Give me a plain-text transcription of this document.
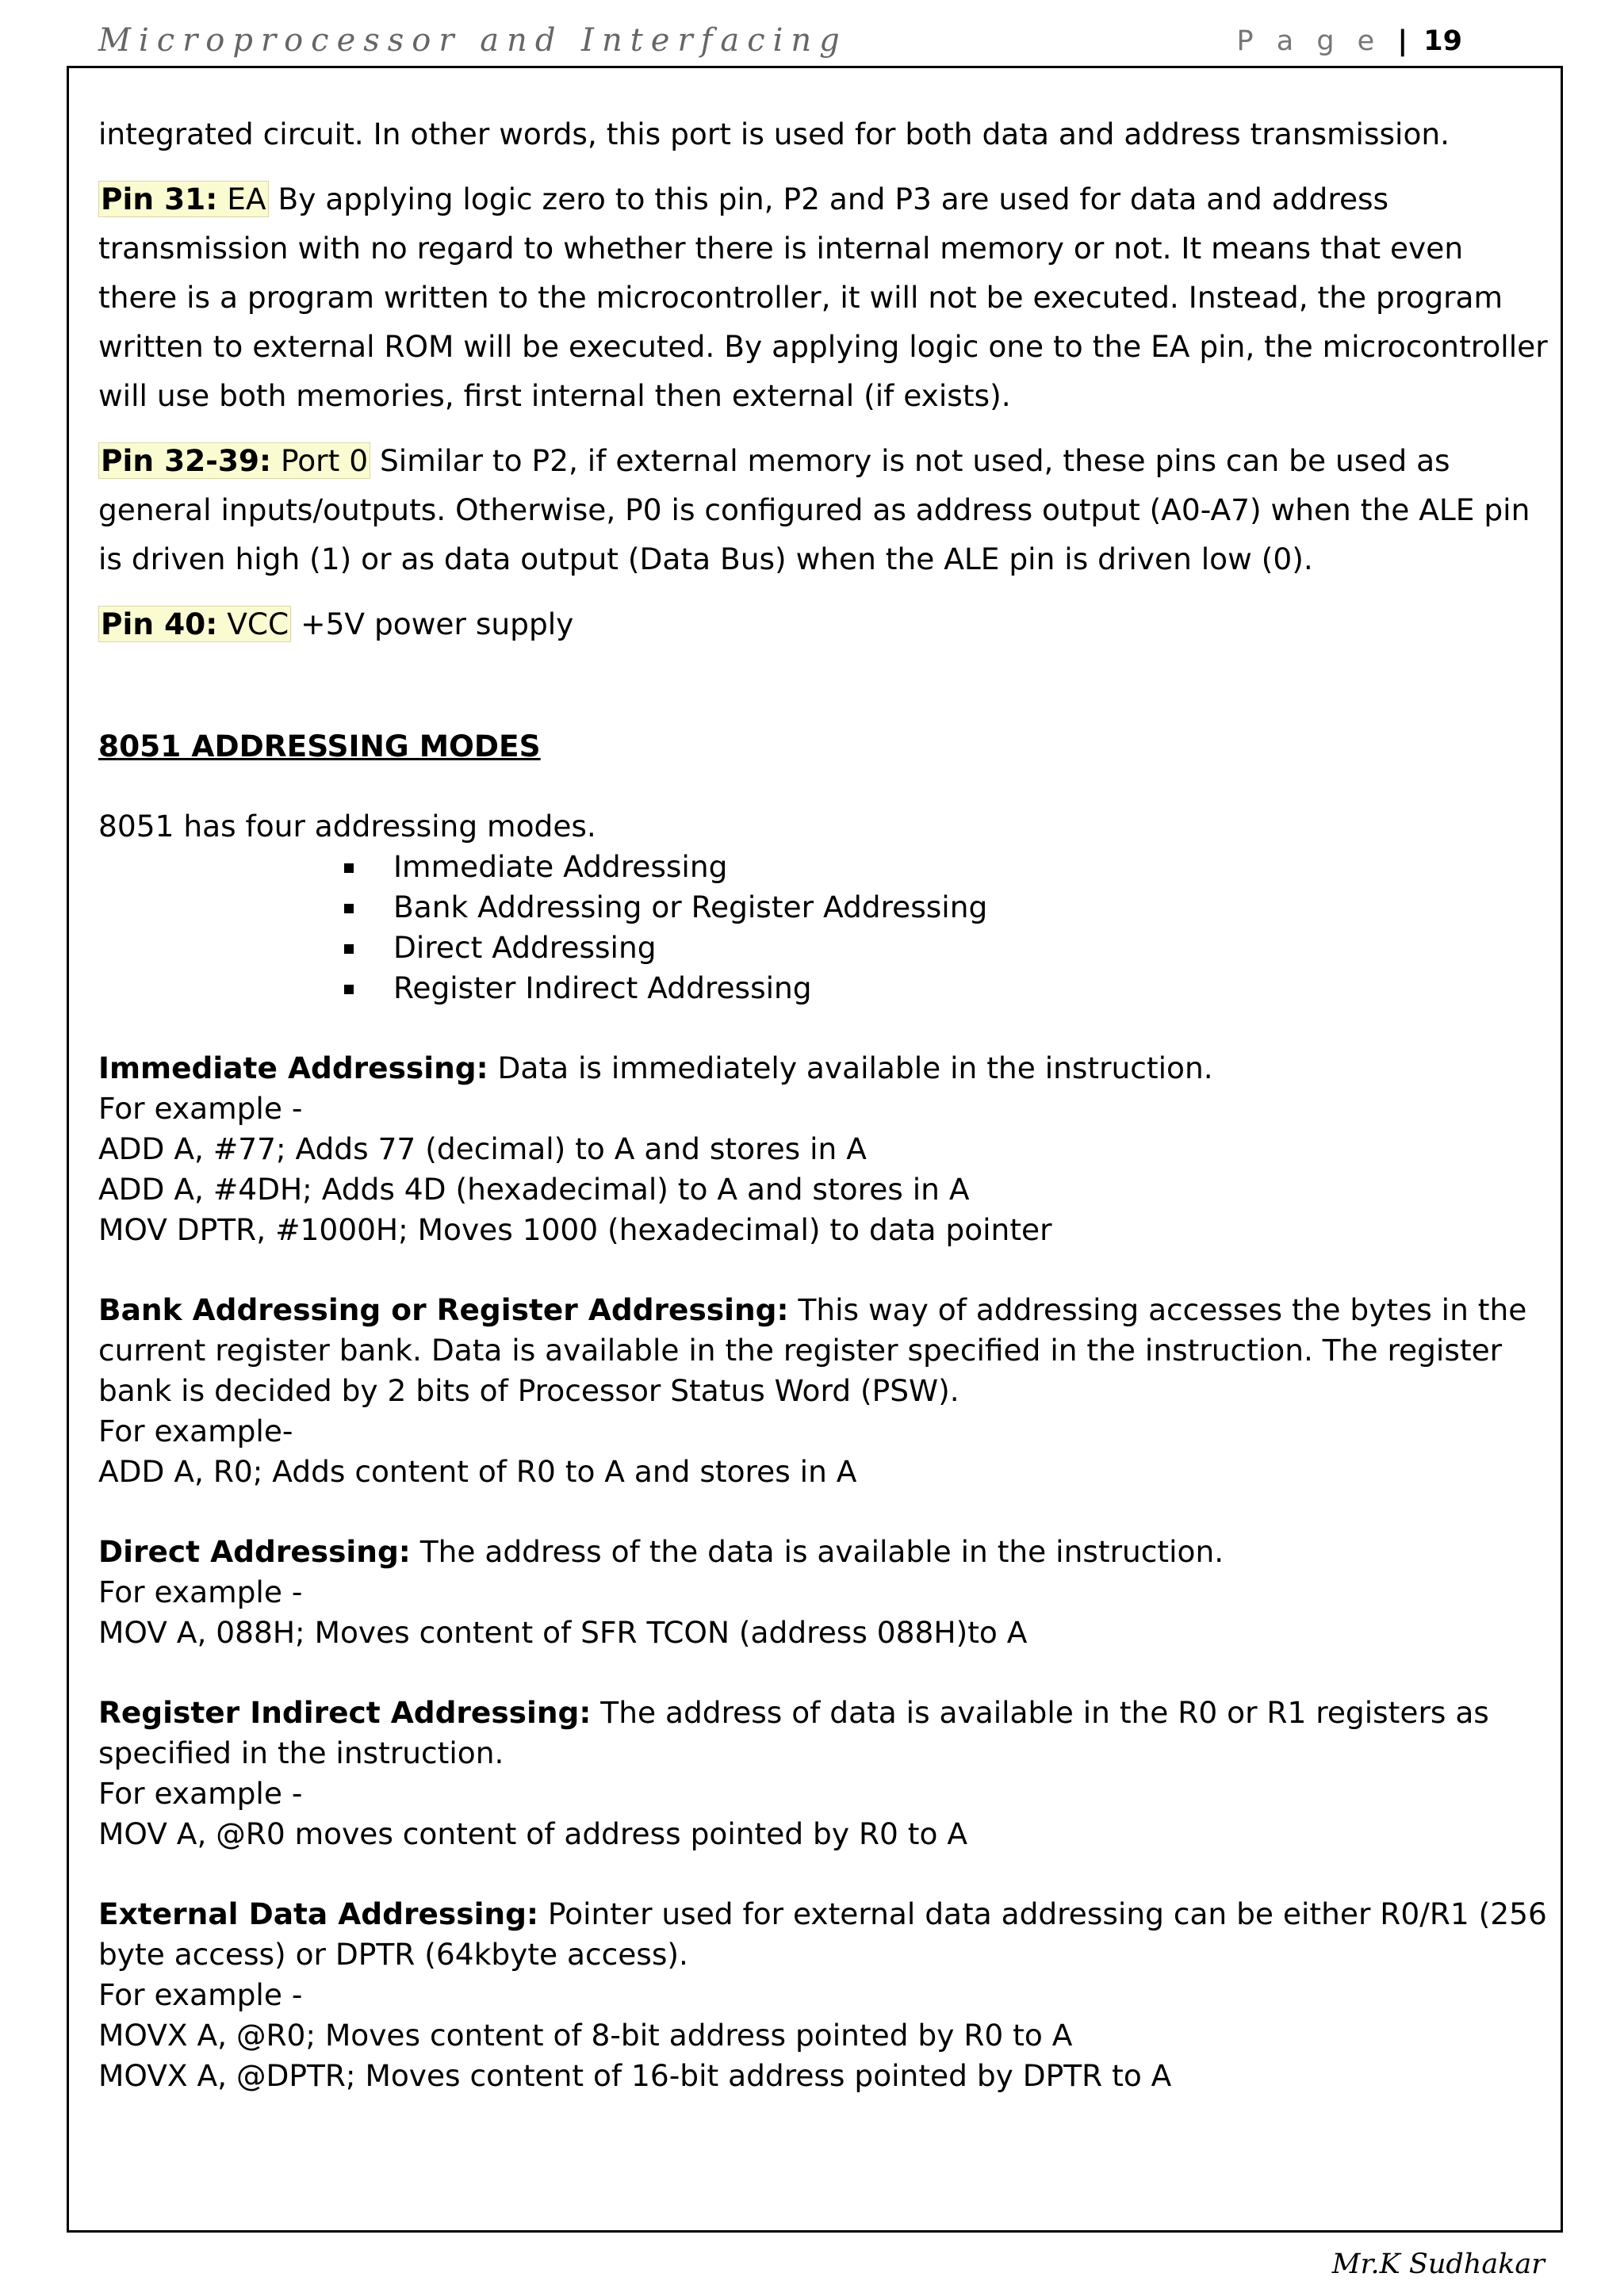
Microprocessor and Interfacing	P a g e | 19

integrated circuit. In other words, this port is used for both data and address transmission.

Pin 31: EA By applying logic zero to this pin, P2 and P3 are used for data and address transmission with no regard to whether there is internal memory or not. It means that even there is a program written to the microcontroller, it will not be executed. Instead, the program written to external ROM will be executed. By applying logic one to the EA pin, the microcontroller will use both memories, first internal then external (if exists).

Pin 32-39: Port 0 Similar to P2, if external memory is not used, these pins can be used as general inputs/outputs. Otherwise, P0 is configured as address output (A0-A7) when the ALE pin is driven high (1) or as data output (Data Bus) when the ALE pin is driven low (0).

Pin 40: VCC +5V power supply

8051 ADDRESSING MODES

8051 has four addressing modes.

Immediate Addressing
Bank Addressing or Register Addressing
Direct Addressing
Register Indirect Addressing

Immediate Addressing: Data is immediately available in the instruction.

For example -

ADD A, #77; Adds 77 (decimal) to A and stores in A

ADD A, #4DH; Adds 4D (hexadecimal) to A and stores in A

MOV DPTR, #1000H; Moves 1000 (hexadecimal) to data pointer

Bank Addressing or Register Addressing: This way of addressing accesses the bytes in the current register bank. Data is available in the register specified in the instruction. The register bank is decided by 2 bits of Processor Status Word (PSW).

For example-

ADD A, R0; Adds content of R0 to A and stores in A

Direct Addressing: The address of the data is available in the instruction.

For example -

MOV A, 088H; Moves content of SFR TCON (address 088H)to A

Register Indirect Addressing: The address of data is available in the R0 or R1 registers as specified in the instruction.

For example -

MOV A, @R0 moves content of address pointed by R0 to A

External Data Addressing: Pointer used for external data addressing can be either R0/R1 (256 byte access) or DPTR (64kbyte access).

For example -

MOVX A, @R0; Moves content of 8-bit address pointed by R0 to A

MOVX A, @DPTR; Moves content of 16-bit address pointed by DPTR to A

Mr.K Sudhakar
